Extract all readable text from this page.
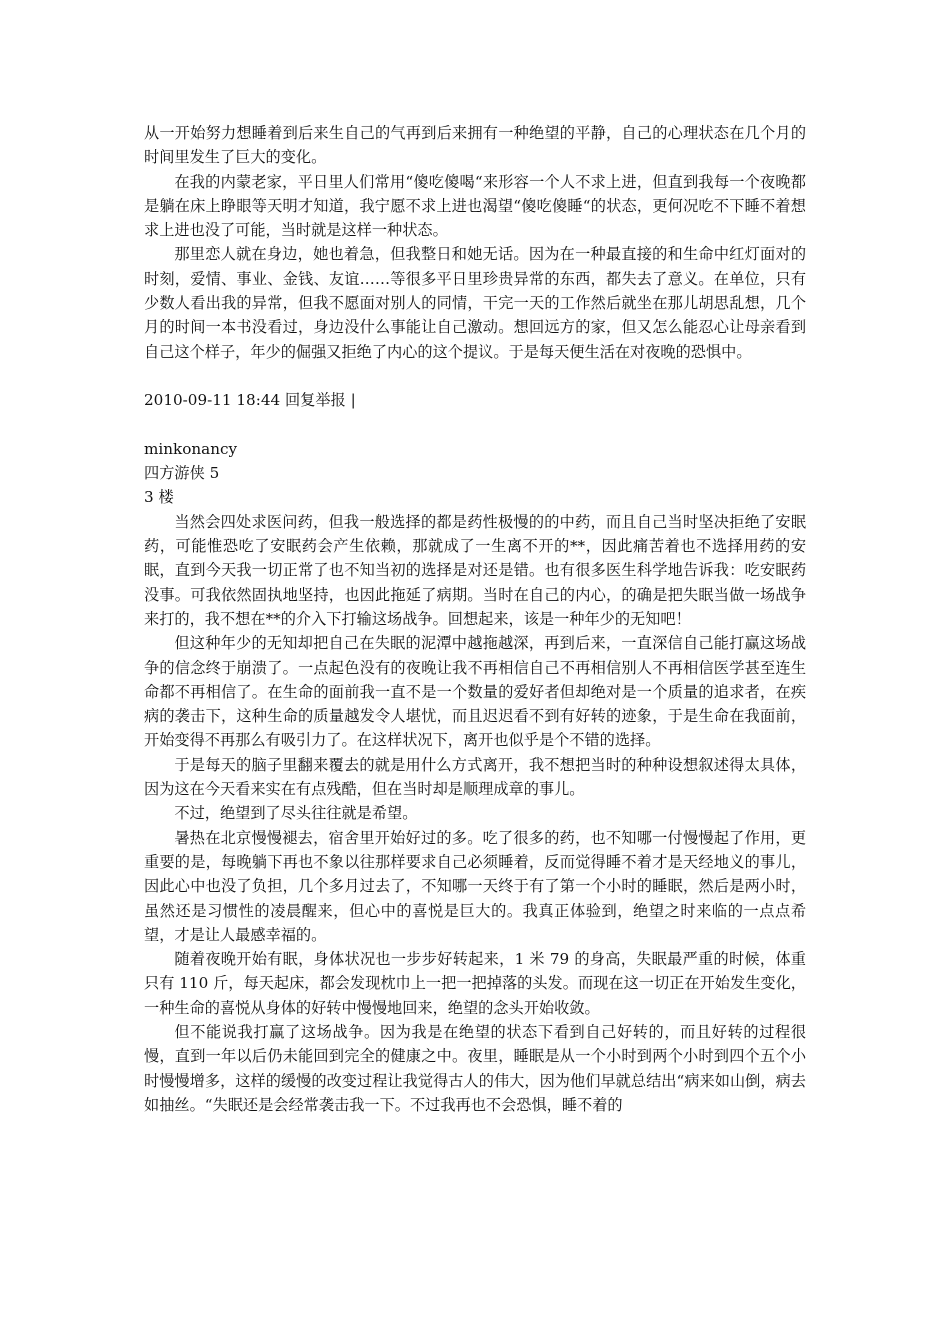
从一开始努力想睡着到后来生自己的气再到后来拥有一种绝望的平静，自己的心理状态在几个月的时间里发生了巨大的变化。

在我的内蒙老家，平日里人们常用“傻吃傻喝“来形容一个人不求上进，但直到我每一个夜晚都是躺在床上睁眼等天明才知道，我宁愿不求上进也渴望“傻吃傻睡“的状态，更何况吃不下睡不着想求上进也没了可能，当时就是这样一种状态。

那里恋人就在身边，她也着急，但我整日和她无话。因为在一种最直接的和生命中红灯面对的时刻，爱情、事业、金钱、友谊……等很多平日里珍贵异常的东西，都失去了意义。在单位，只有少数人看出我的异常，但我不愿面对别人的同情，干完一天的工作然后就坐在那儿胡思乱想，几个月的时间一本书没看过，身边没什么事能让自己激动。想回远方的家，但又怎么能忍心让母亲看到自己这个样子，年少的倔强又拒绝了内心的这个提议。于是每天便生活在对夜晚的恐惧中。

2010-09-11 18:44 回复举报 |

minkonancy

四方游侠 5

3 楼

当然会四处求医问药，但我一般选择的都是药性极慢的的中药，而且自己当时坚决拒绝了安眠药，可能惟恐吃了安眠药会产生依赖，那就成了一生离不开的**，因此痛苦着也不选择用药的安眠，直到今天我一切正常了也不知当初的选择是对还是错。也有很多医生科学地告诉我：吃安眠药没事。可我依然固执地坚持，也因此拖延了病期。当时在自己的内心，的确是把失眠当做一场战争来打的，我不想在**的介入下打输这场战争。回想起来，该是一种年少的无知吧！

但这种年少的无知却把自己在失眠的泥潭中越拖越深，再到后来，一直深信自己能打赢这场战争的信念终于崩溃了。一点起色没有的夜晚让我不再相信自己不再相信别人不再相信医学甚至连生命都不再相信了。在生命的面前我一直不是一个数量的爱好者但却绝对是一个质量的追求者，在疾病的袭击下，这种生命的质量越发令人堪忧，而且迟迟看不到有好转的迹象，于是生命在我面前，开始变得不再那么有吸引力了。在这样状况下，离开也似乎是个不错的选择。

于是每天的脑子里翻来覆去的就是用什么方式离开，我不想把当时的种种设想叙述得太具体，因为这在今天看来实在有点残酷，但在当时却是顺理成章的事儿。

不过，绝望到了尽头往往就是希望。

暑热在北京慢慢褪去，宿舍里开始好过的多。吃了很多的药，也不知哪一付慢慢起了作用，更重要的是，每晚躺下再也不象以往那样要求自己必须睡着，反而觉得睡不着才是天经地义的事儿，因此心中也没了负担，几个多月过去了，不知哪一天终于有了第一个小时的睡眠，然后是两小时，虽然还是习惯性的凌晨醒来，但心中的喜悦是巨大的。我真正体验到，绝望之时来临的一点点希望，才是让人最感幸福的。

随着夜晚开始有眠，身体状况也一步步好转起来，1 米 79 的身高，失眠最严重的时候，体重只有 110 斤，每天起床，都会发现枕巾上一把一把掉落的头发。而现在这一切正在开始发生变化，一种生命的喜悦从身体的好转中慢慢地回来，绝望的念头开始收敛。

但不能说我打赢了这场战争。因为我是在绝望的状态下看到自己好转的，而且好转的过程很慢，直到一年以后仍未能回到完全的健康之中。夜里，睡眠是从一个小时到两个小时到四个五个小时慢慢增多，这样的缓慢的改变过程让我觉得古人的伟大，因为他们早就总结出“病来如山倒，病去如抽丝。“失眠还是会经常袭击我一下。不过我再也不会恐惧，睡不着的
